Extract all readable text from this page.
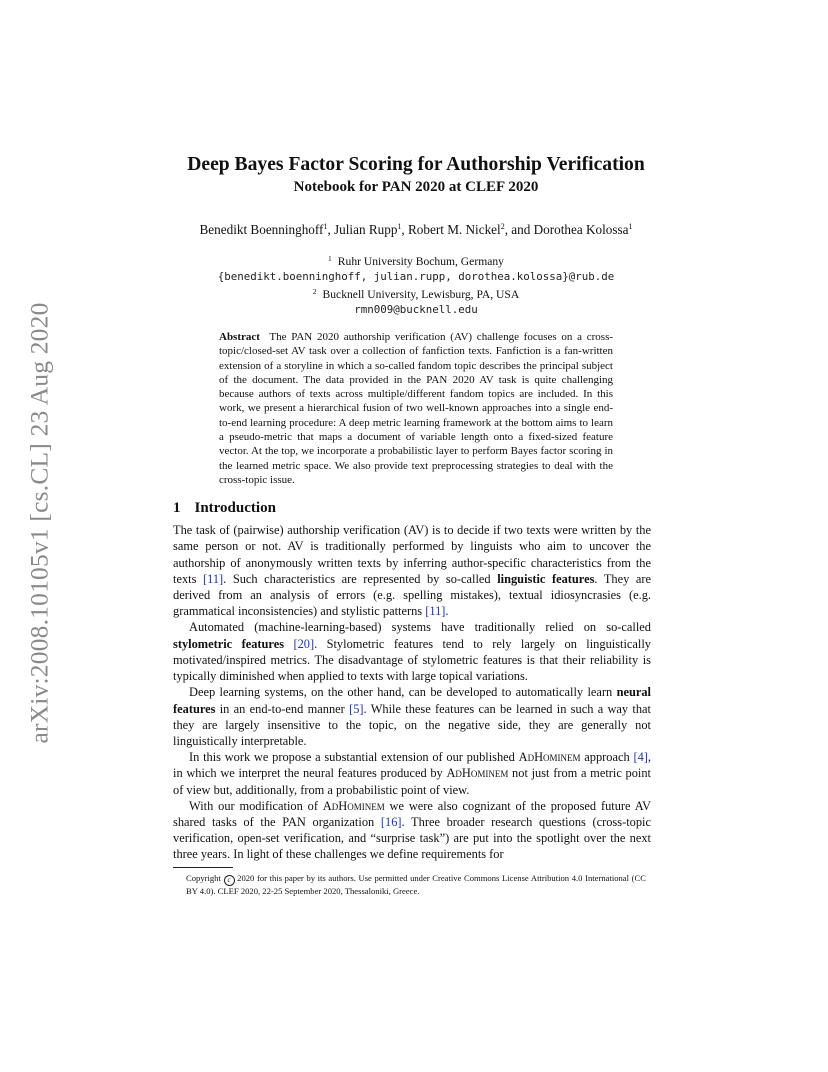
arXiv:2008.10105v1 [cs.CL] 23 Aug 2020
Deep Bayes Factor Scoring for Authorship Verification
Notebook for PAN 2020 at CLEF 2020
Benedikt Boenninghoff$^1$, Julian Rupp$^1$, Robert M. Nickel$^2$, and Dorothea Kolossa$^1$
$^1$ Ruhr University Bochum, Germany
{benedikt.boenninghoff, julian.rupp, dorothea.kolossa}@rub.de
$^2$ Bucknell University, Lewisburg, PA, USA
rmn009@bucknell.edu
Abstract The PAN 2020 authorship verification (AV) challenge focuses on a cross-topic/closed-set AV task over a collection of fanfiction texts. Fanfiction is a fan-written extension of a storyline in which a so-called fandom topic describes the principal subject of the document. The data provided in the PAN 2020 AV task is quite challenging because authors of texts across multiple/different fandom topics are included. In this work, we present a hierarchical fusion of two well-known approaches into a single end-to-end learning procedure: A deep metric learning framework at the bottom aims to learn a pseudo-metric that maps a document of variable length onto a fixed-sized feature vector. At the top, we incorporate a probabilistic layer to perform Bayes factor scoring in the learned metric space. We also provide text preprocessing strategies to deal with the cross-topic issue.
1 Introduction

The task of (pairwise) authorship verification (AV) is to decide if two texts were written by the same person or not. AV is traditionally performed by linguists who aim to uncover the authorship of anonymously written texts by inferring author-specific characteristics from the texts [11]. Such characteristics are represented by so-called linguistic features. They are derived from an analysis of errors (e.g. spelling mistakes), textual idiosyncrasies (e.g. grammatical inconsistencies) and stylistic patterns [11].

Automated (machine-learning-based) systems have traditionally relied on so-called stylometric features [20]. Stylometric features tend to rely largely on linguistically motivated/inspired metrics. The disadvantage of stylometric features is that their reliability is typically diminished when applied to texts with large topical variations.

Deep learning systems, on the other hand, can be developed to automatically learn neural features in an end-to-end manner [5]. While these features can be learned in such a way that they are largely insensitive to the topic, on the negative side, they are generally not linguistically interpretable.

In this work we propose a substantial extension of our published AdHominem approach [4], in which we interpret the neural features produced by AdHominem not just from a metric point of view but, additionally, from a probabilistic point of view.

With our modification of AdHominem we were also cognizant of the proposed future AV shared tasks of the PAN organization [16]. Three broader research questions (cross-topic verification, open-set verification, and “surprise task”) are put into the spotlight over the next three years. In light of these challenges we define requirements for

Copyright c 2020 for this paper by its authors. Use permitted under Creative Commons License Attribution 4.0 International (CC BY 4.0). CLEF 2020, 22-25 September 2020, Thessaloniki, Greece.
